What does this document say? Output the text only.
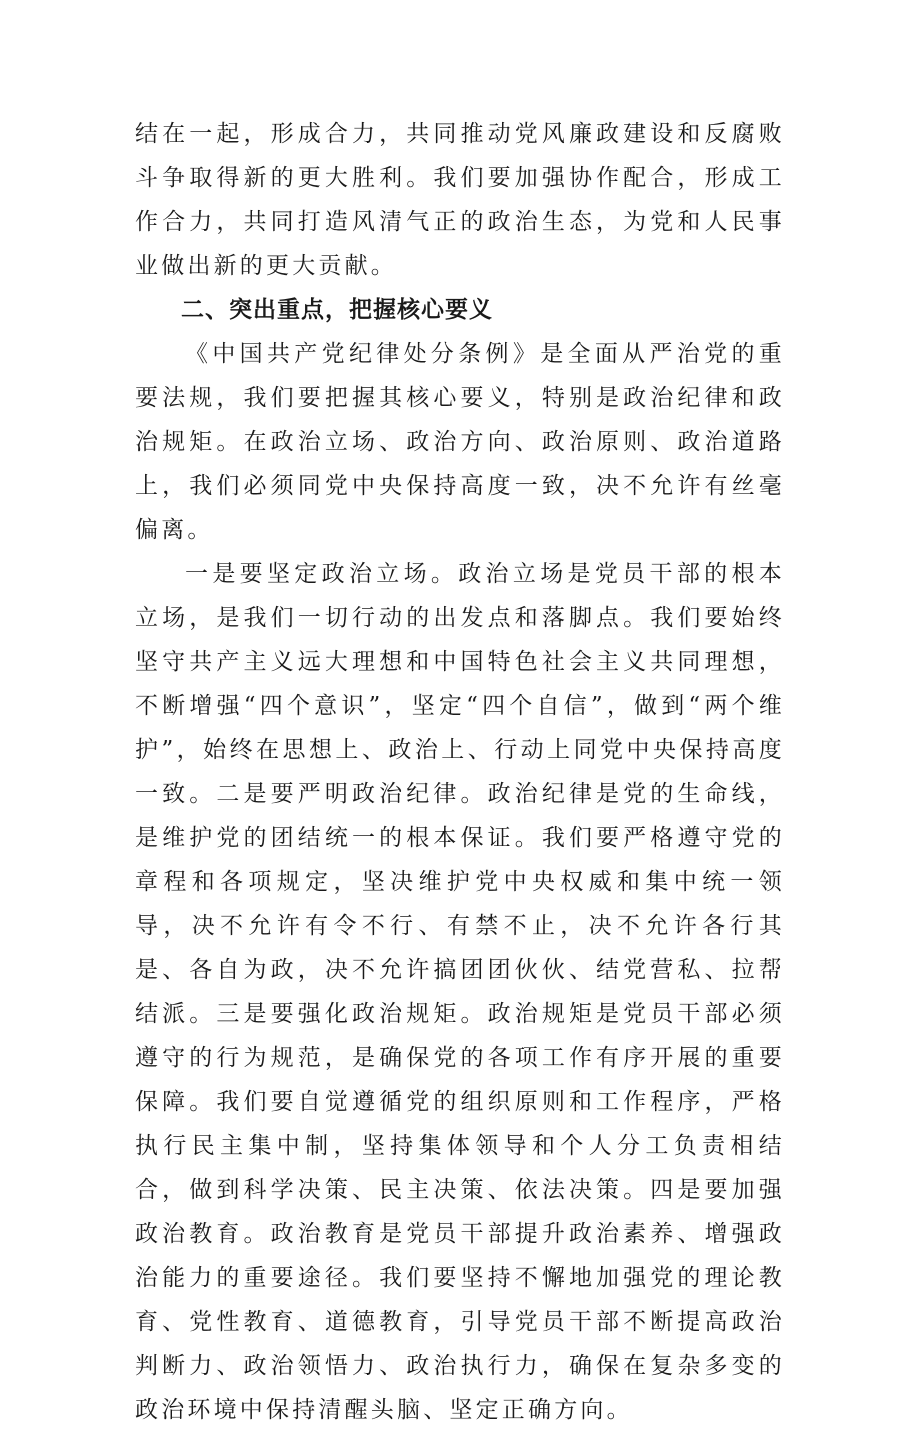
结在一起，形成合力，共同推动党风廉政建设和反腐败斗争取得新的更大胜利。我们要加强协作配合，形成工作合力，共同打造风清气正的政治生态，为党和人民事业做出新的更大贡献。

二、突出重点，把握核心要义

《中国共产党纪律处分条例》是全面从严治党的重要法规，我们要把握其核心要义，特别是政治纪律和政治规矩。在政治立场、政治方向、政治原则、政治道路上，我们必须同党中央保持高度一致，决不允许有丝毫偏离。

一是要坚定政治立场。政治立场是党员干部的根本立场，是我们一切行动的出发点和落脚点。我们要始终坚守共产主义远大理想和中国特色社会主义共同理想，不断增强“四个意识”，坚定“四个自信”，做到“两个维护”，始终在思想上、政治上、行动上同党中央保持高度一致。二是要严明政治纪律。政治纪律是党的生命线，是维护党的团结统一的根本保证。我们要严格遵守党的章程和各项规定，坚决维护党中央权威和集中统一领导，决不允许有令不行、有禁不止，决不允许各行其是、各自为政，决不允许搞团团伙伙、结党营私、拉帮结派。三是要强化政治规矩。政治规矩是党员干部必须遵守的行为规范，是确保党的各项工作有序开展的重要保障。我们要自觉遵循党的组织原则和工作程序，严格执行民主集中制，坚持集体领导和个人分工负责相结合，做到科学决策、民主决策、依法决策。四是要加强政治教育。政治教育是党员干部提升政治素养、增强政治能力的重要途径。我们要坚持不懈地加强党的理论教育、党性教育、道德教育，引导党员干部不断提高政治判断力、政治领悟力、政治执行力，确保在复杂多变的政治环境中保持清醒头脑、坚定正确方向。
